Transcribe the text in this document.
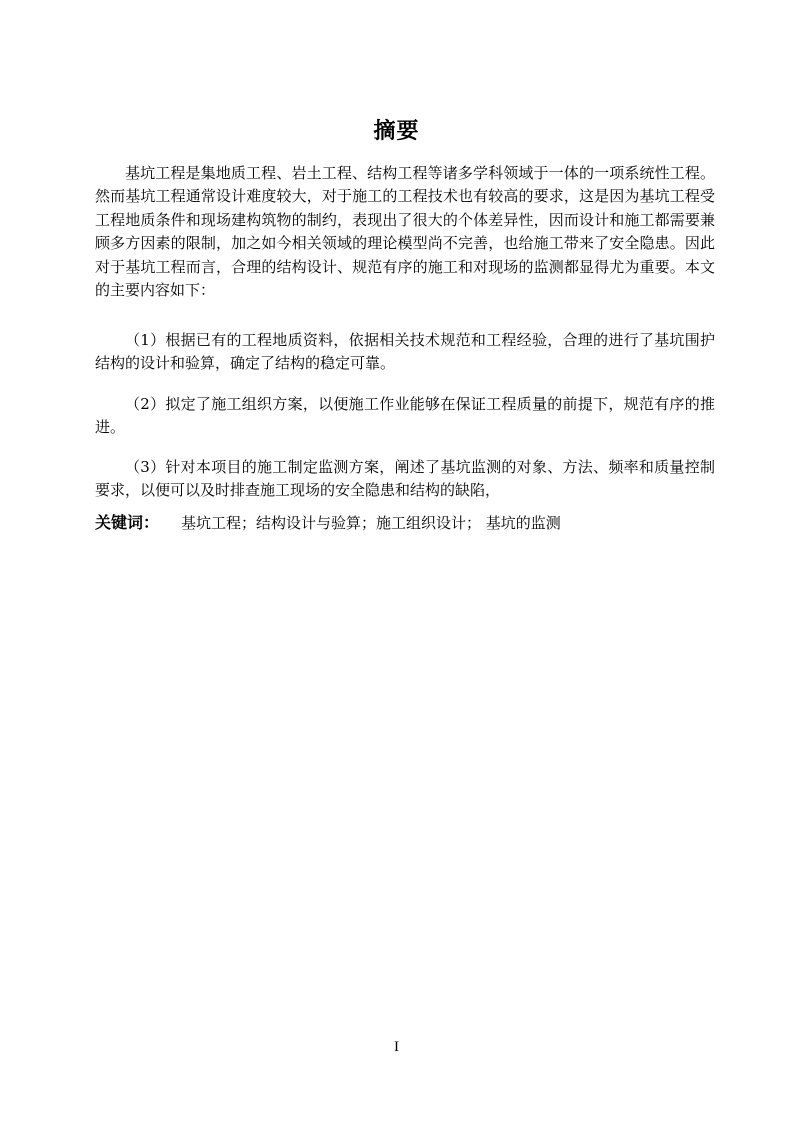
摘要

基坑工程是集地质工程、岩土工程、结构工程等诸多学科领域于一体的一项系统性工程。然而基坑工程通常设计难度较大，对于施工的工程技术也有较高的要求，这是因为基坑工程受工程地质条件和现场建构筑物的制约，表现出了很大的个体差异性，因而设计和施工都需要兼顾多方因素的限制，加之如今相关领域的理论模型尚不完善，也给施工带来了安全隐患。因此对于基坑工程而言，合理的结构设计、规范有序的施工和对现场的监测都显得尤为重要。本文的主要内容如下：

（1）根据已有的工程地质资料，依据相关技术规范和工程经验，合理的进行了基坑围护结构的设计和验算，确定了结构的稳定可靠。

（2）拟定了施工组织方案，以便施工作业能够在保证工程质量的前提下，规范有序的推进。

（3）针对本项目的施工制定监测方案，阐述了基坑监测的对象、方法、频率和质量控制要求，以便可以及时排查施工现场的安全隐患和结构的缺陷，

关键词： 基坑工程；结构设计与验算；施工组织设计； 基坑的监测
I
